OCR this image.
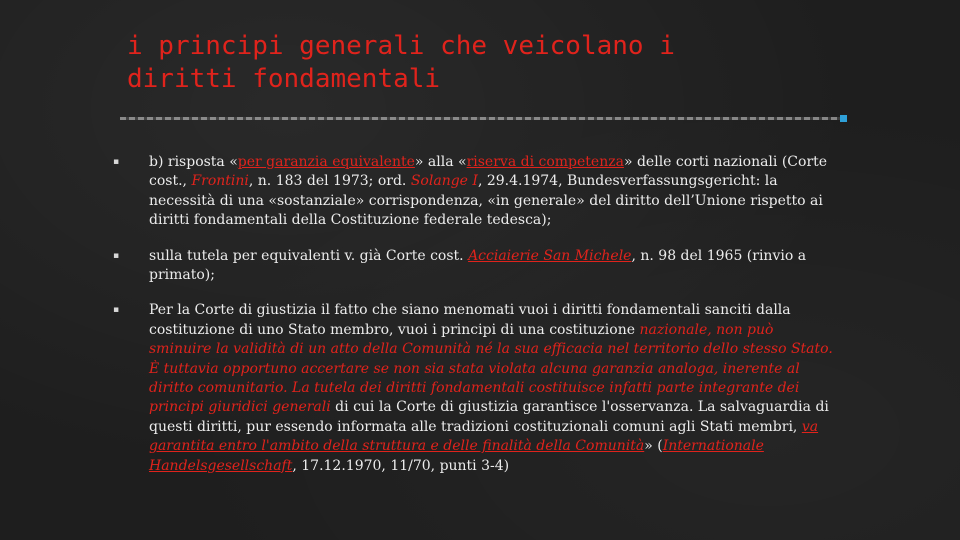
i principi generali che veicolano i
diritti fondamentali
▪ b) risposta «per garanzia equivalente» alla «riserva di competenza» delle corti nazionali (Corte cost., Frontini, n. 183 del 1973; ord. Solange I, 29.4.1974, Bundesverfassungsgericht: la necessità di una «sostanziale» corrispondenza, «in generale» del diritto dell’Unione rispetto ai diritti fondamentali della Costituzione federale tedesca);
▪ sulla tutela per equivalenti v. già Corte cost. Acciaierie San Michele, n. 98 del 1965 (rinvio a primato);
▪ Per la Corte di giustizia il fatto che siano menomati vuoi i diritti fondamentali sanciti dalla costituzione di uno Stato membro, vuoi i principi di una costituzione nazionale, non può sminuire la validità di un atto della Comunità né la sua efficacia nel territorio dello stesso Stato. È tuttavia opportuno accertare se non sia stata violata alcuna garanzia analoga, inerente al diritto comunitario. La tutela dei diritti fondamentali costituisce infatti parte integrante dei principi giuridici generali di cui la Corte di giustizia garantisce l'osservanza. La salvaguardia di questi diritti, pur essendo informata alle tradizioni costituzionali comuni agli Stati membri, va garantita entro l'ambito della struttura e delle finalità della Comunità» (Internationale Handelsgesellschaft, 17.12.1970, 11/70, punti 3-4)
